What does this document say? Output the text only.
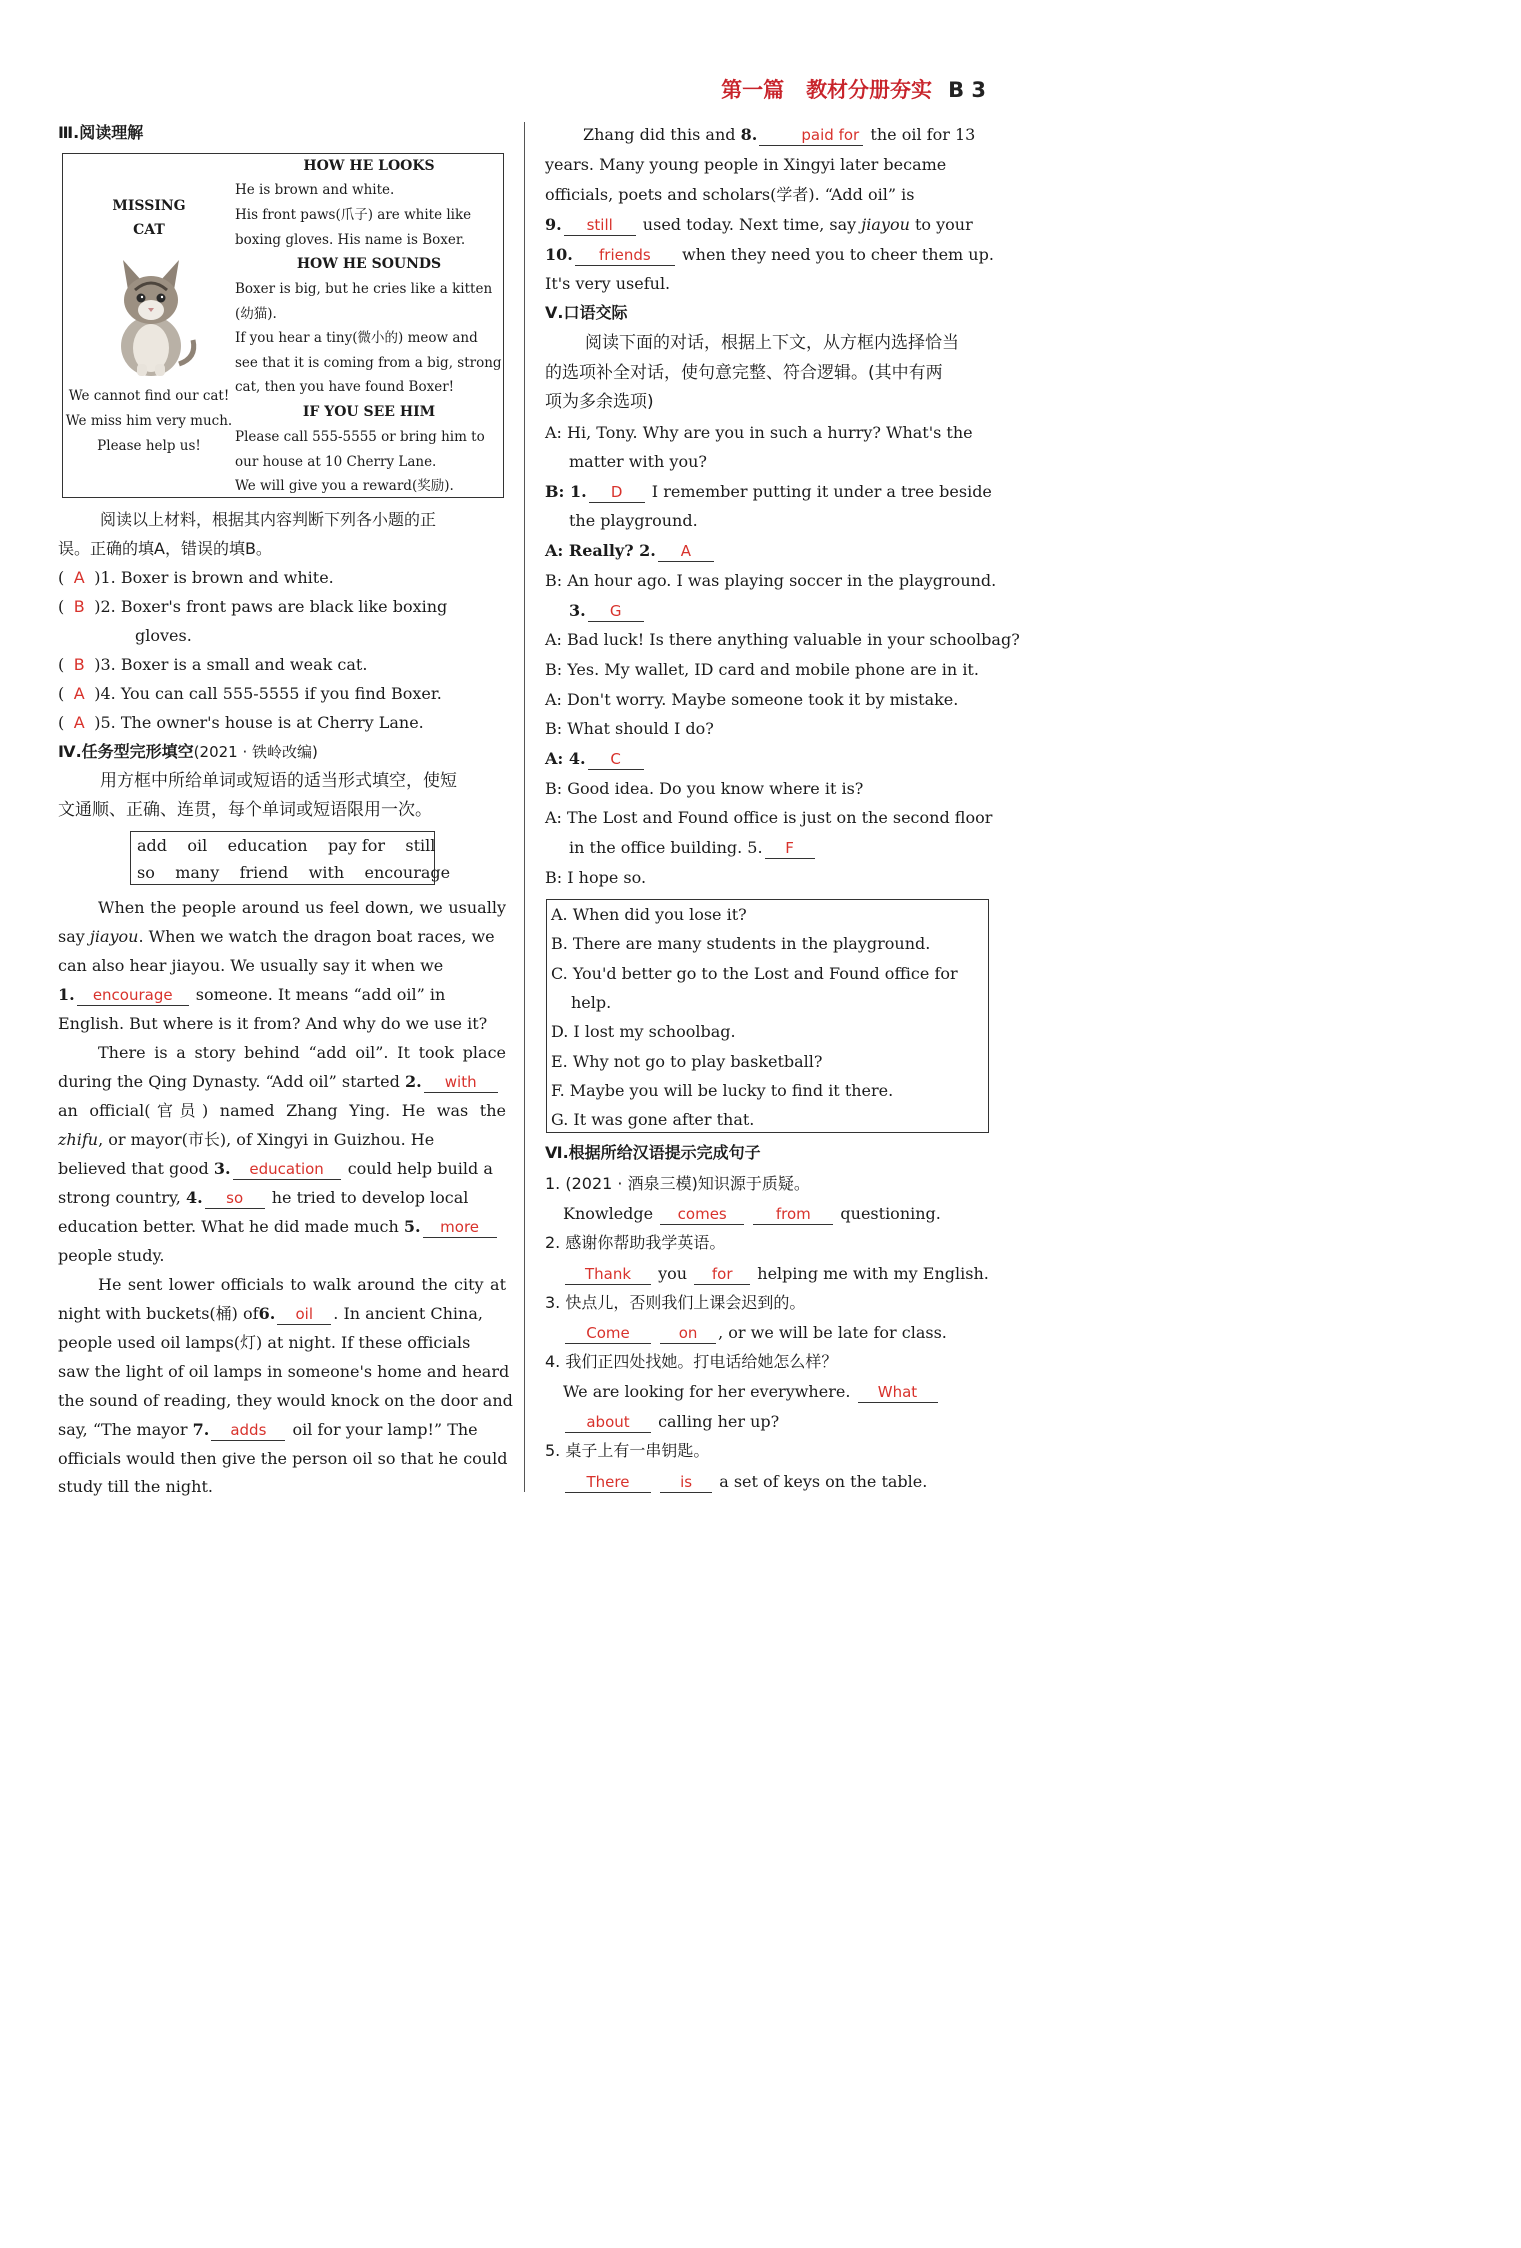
第一篇 教材分册夯实 B 3
Ⅲ.阅读理解
MISSING
CAT
We cannot find our cat!
We miss him very much.
Please help us!
HOW HE LOOKS
He is brown and white.
His front paws(爪子) are white like
boxing gloves. His name is Boxer.
HOW HE SOUNDS
Boxer is big, but he cries like a kitten
(幼猫).
If you hear a tiny(微小的) meow and
see that it is coming from a big, strong
cat, then you have found Boxer!
IF YOU SEE HIM
Please call 555-5555 or bring him to
our house at 10 Cherry Lane.
We will give you a reward(奖励).
阅读以上材料，根据其内容判断下列各小题的正
误。正确的填A，错误的填B。
( A )1. Boxer is brown and white.
( B )2. Boxer's front paws are black like boxing
gloves.
( B )3. Boxer is a small and weak cat.
( A )4. You can call 555-5555 if you find Boxer.
( A )5. The owner's house is at Cherry Lane.
Ⅳ.任务型完形填空(2021 · 铁岭改编)
用方框中所给单词或短语的适当形式填空，使短
文通顺、正确、连贯，每个单词或短语限用一次。
add oil education pay for still
so many friend with encourage
When the people around us feel down, we usually
say jiayou. When we watch the dragon boat races, we
can also hear jiayou. We usually say it when we
1. encourage someone. It means “add oil” in
English. But where is it from? And why do we use it?
There is a story behind “add oil”. It took place
during the Qing Dynasty. “Add oil” started 2. with
an official(官员) named Zhang Ying. He was the
zhifu, or mayor(市长), of Xingyi in Guizhou. He
believed that good 3. education could help build a
strong country, 4. so he tried to develop local
education better. What he did made much 5. more
people study.
He sent lower officials to walk around the city at
night with buckets(桶) of6. oil . In ancient China,
people used oil lamps(灯) at night. If these officials
saw the light of oil lamps in someone's home and heard
the sound of reading, they would knock on the door and
say, “The mayor 7. adds oil for your lamp!” The
officials would then give the person oil so that he could
study till the night.
Zhang did this and 8.	paid for the oil for 13
years. Many young people in Xingyi later became
officials, poets and scholars(学者). “Add oil” is
9. still used today. Next time, say jiayou to your
10. friends when they need you to cheer them up.
It's very useful.
Ⅴ.口语交际
阅读下面的对话，根据上下文，从方框内选择恰当
的选项补全对话，使句意完整、符合逻辑。(其中有两
项为多余选项)
A: Hi, Tony. Why are you in such a hurry? What's the
matter with you?
B: 1. D I remember putting it under a tree beside
the playground.
A: Really? 2. A
B: An hour ago. I was playing soccer in the playground.
3. G
A: Bad luck! Is there anything valuable in your schoolbag?
B: Yes. My wallet, ID card and mobile phone are in it.
A: Don't worry. Maybe someone took it by mistake.
B: What should I do?
A: 4. C
B: Good idea. Do you know where it is?
A: The Lost and Found office is just on the second floor
in the office building. 5. F
B: I hope so.
A. When did you lose it?
B. There are many students in the playground.
C. You'd better go to the Lost and Found office for
help.
D. I lost my schoolbag.
E. Why not go to play basketball?
F. Maybe you will be lucky to find it there.
G. It was gone after that.
Ⅵ.根据所给汉语提示完成句子
1. (2021 · 酒泉三模)知识源于质疑。
Knowledge comes	from questioning.
2. 感谢你帮助我学英语。
Thank you for helping me with my English.
3. 快点儿，否则我们上课会迟到的。
Come	on , or we will be late for class.
4. 我们正四处找她。打电话给她怎么样？
We are looking for her everywhere. What
about calling her up?
5. 桌子上有一串钥匙。
There	is a set of keys on the table.
